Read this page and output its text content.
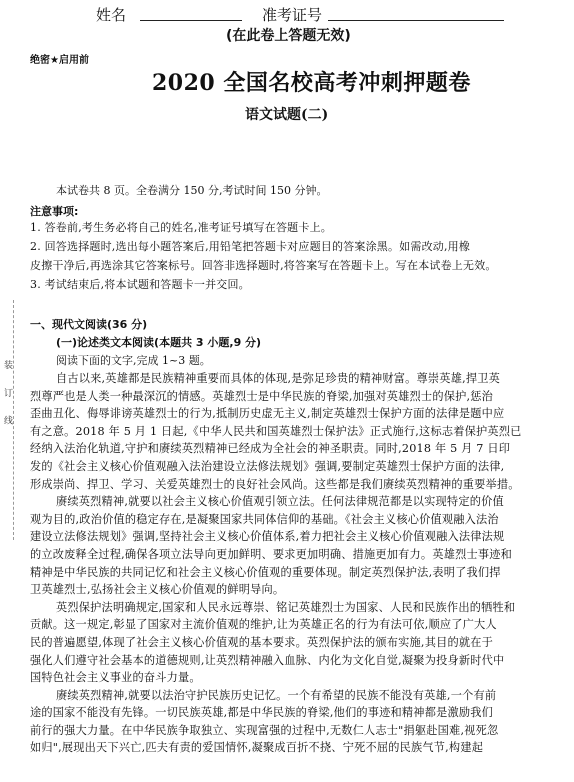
姓名	准考证号
(在此卷上答题无效)
绝密★启用前
2020 全国名校高考冲刺押题卷
语文试题(二)
本试卷共 8 页。全卷满分 150 分,考试时间 150 分钟。
注意事项:
1. 答卷前,考生务必将自己的姓名,准考证号填写在答题卡上。
2. 回答选择题时,选出每小题答案后,用铅笔把答题卡对应题目的答案涂黑。如需改动,用橡
皮擦干净后,再选涂其它答案标号。回答非选择题时,将答案写在答题卡上。写在本试卷上无效。
3. 考试结束后,将本试题和答题卡一并交回。
装 订 线
一、现代文阅读(36 分)
(一)论述类文本阅读(本题共 3 小题,9 分)
阅读下面的文字,完成 1~3 题。
自古以来,英雄都是民族精神重要而具体的体现,是弥足珍贵的精神财富。尊崇英雄,捍卫英
烈尊严也是人类一种最深沉的情感。英雄烈士是中华民族的脊梁,加强对英雄烈士的保护,惩治
歪曲丑化、侮辱诽谤英雄烈士的行为,抵制历史虚无主义,制定英雄烈士保护方面的法律是题中应
有之意。2018 年 5 月 1 日起,《中华人民共和国英雄烈士保护法》正式施行,这标志着保护英烈已
经纳入法治化轨道,守护和赓续英烈精神已经成为全社会的神圣职责。同时,2018 年 5 月 7 日印
发的《社会主义核心价值观融入法治建设立法修法规划》强调,要制定英雄烈士保护方面的法律,
形成崇尚、捍卫、学习、关爱英雄烈士的良好社会风尚。这些都是我们赓续英烈精神的重要举措。
赓续英烈精神,就要以社会主义核心价值观引领立法。任何法律规范都是以实现特定的价值
观为目的,政治价值的稳定存在,是凝聚国家共同体信仰的基础。《社会主义核心价值观融入法治
建设立法修法规划》强调,坚持社会主义核心价值体系,着力把社会主义核心价值观融入法律法规
的立改废释全过程,确保各项立法导向更加鲜明、要求更加明确、措施更加有力。英雄烈士事迹和
精神是中华民族的共同记忆和社会主义核心价值观的重要体现。制定英烈保护法,表明了我们捍
卫英雄烈士,弘扬社会主义核心价值观的鲜明导向。
英烈保护法明确规定,国家和人民永远尊崇、铭记英雄烈士为国家、人民和民族作出的牺牲和
贡献。这一规定,彰显了国家对主流价值观的维护,让为英雄正名的行为有法可依,顺应了广大人
民的普遍愿望,体现了社会主义核心价值观的基本要求。英烈保护法的颁布实施,其目的就在于
强化人们遵守社会基本的道德规则,让英烈精神融入血脉、内化为文化自觉,凝聚为投身新时代中
国特色社会主义事业的奋斗力量。
赓续英烈精神,就要以法治守护民族历史记忆。一个有希望的民族不能没有英雄,一个有前
途的国家不能没有先锋。一切民族英雄,都是中华民族的脊梁,他们的事迹和精神都是激励我们
前行的强大力量。在中华民族争取独立、实现富强的过程中,无数仁人志士"捐躯赴国难,视死忽
如归",展现出天下兴亡,匹夫有责的爱国情怀,凝聚成百折不挠、宁死不屈的民族气节,构建起
